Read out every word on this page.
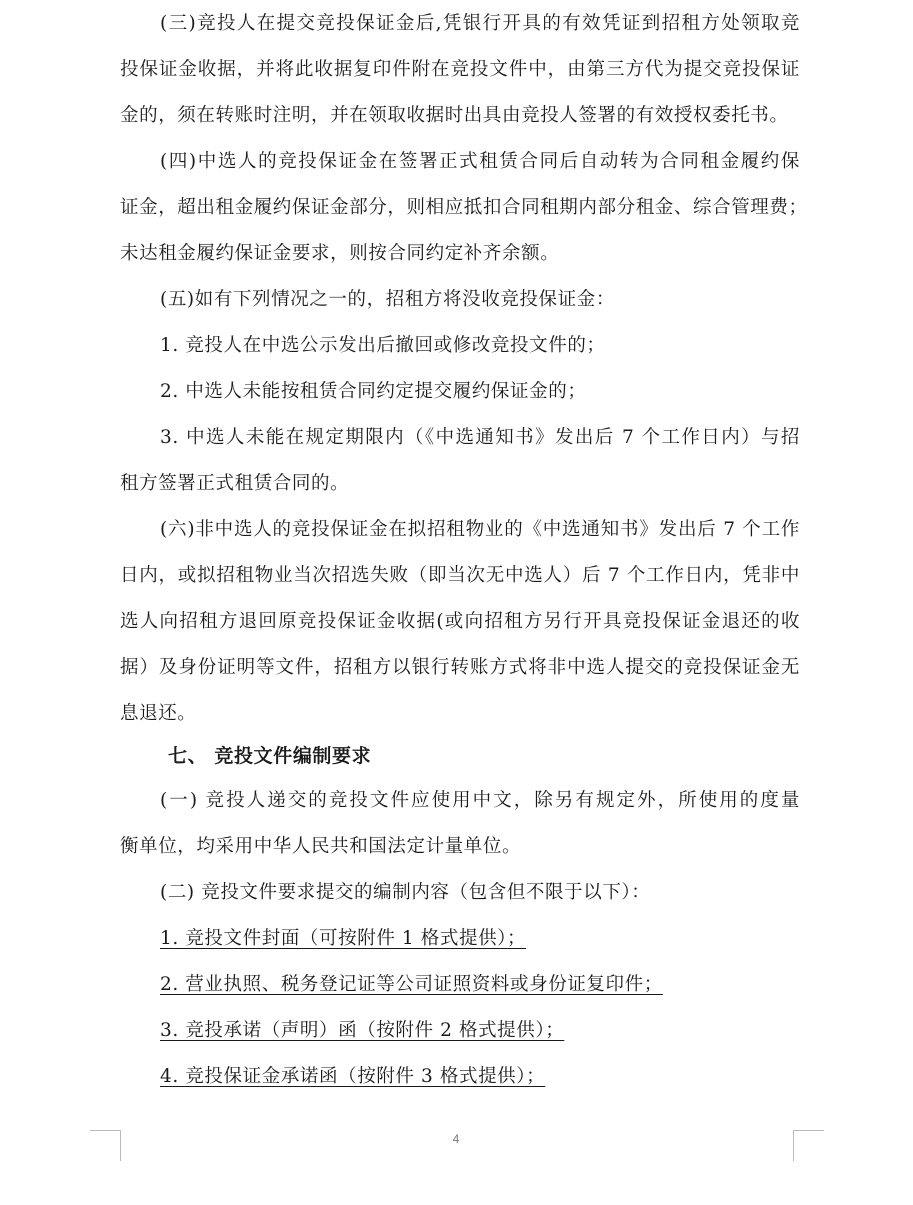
(三)竞投人在提交竞投保证金后,凭银行开具的有效凭证到招租方处领取竞
投保证金收据，并将此收据复印件附在竞投文件中，由第三方代为提交竞投保证
金的，须在转账时注明，并在领取收据时出具由竞投人签署的有效授权委托书。
(四)中选人的竞投保证金在签署正式租赁合同后自动转为合同租金履约保
证金，超出租金履约保证金部分，则相应抵扣合同租期内部分租金、综合管理费；
未达租金履约保证金要求，则按合同约定补齐余额。
(五)如有下列情况之一的，招租方将没收竞投保证金：
1. 竞投人在中选公示发出后撤回或修改竞投文件的；
2. 中选人未能按租赁合同约定提交履约保证金的；
3. 中选人未能在规定期限内（《中选通知书》发出后 7 个工作日内）与招
租方签署正式租赁合同的。
(六)非中选人的竞投保证金在拟招租物业的《中选通知书》发出后 7 个工作
日内，或拟招租物业当次招选失败（即当次无中选人）后 7 个工作日内，凭非中
选人向招租方退回原竞投保证金收据(或向招租方另行开具竞投保证金退还的收
据）及身份证明等文件，招租方以银行转账方式将非中选人提交的竞投保证金无
息退还。
七、 竞投文件编制要求
(一) 竞投人递交的竞投文件应使用中文，除另有规定外，所使用的度量
衡单位，均采用中华人民共和国法定计量单位。
(二) 竞投文件要求提交的编制内容（包含但不限于以下）：
1. 竞投文件封面（可按附件 1 格式提供）；
2. 营业执照、税务登记证等公司证照资料或身份证复印件；
3. 竞投承诺（声明）函（按附件 2 格式提供）；
4. 竞投保证金承诺函（按附件 3 格式提供）；
4
